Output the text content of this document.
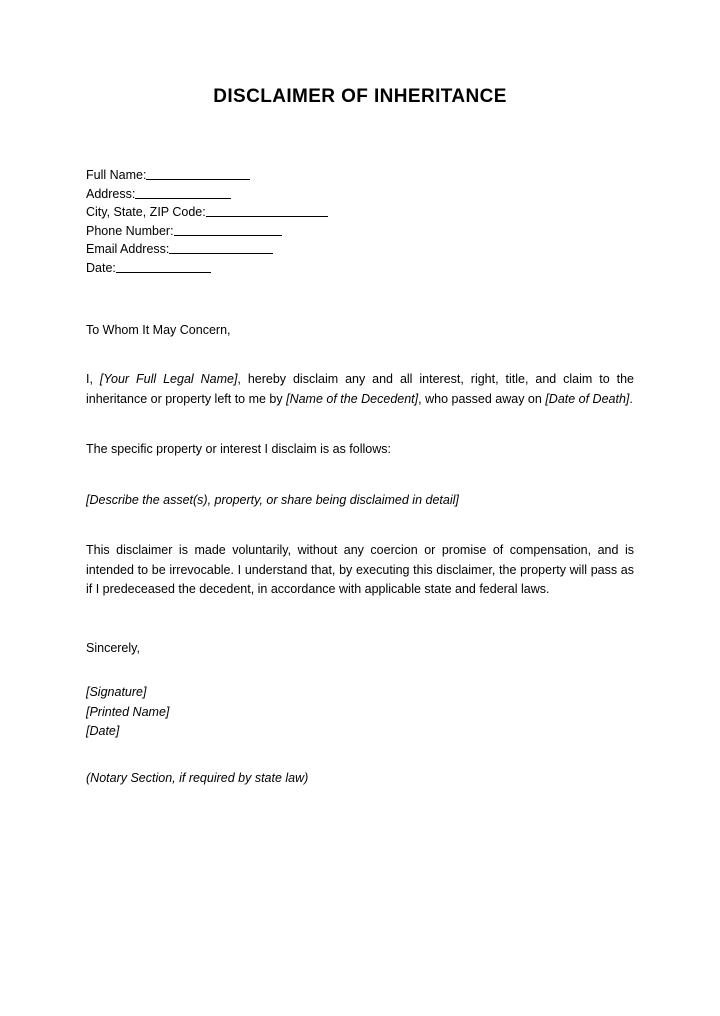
DISCLAIMER OF INHERITANCE
Full Name:
Address:
City, State, ZIP Code:
Phone Number:
Email Address:
Date:
To Whom It May Concern,
I, [Your Full Legal Name], hereby disclaim any and all interest, right, title, and claim to the inheritance or property left to me by [Name of the Decedent], who passed away on [Date of Death].
The specific property or interest I disclaim is as follows:
[Describe the asset(s), property, or share being disclaimed in detail]
This disclaimer is made voluntarily, without any coercion or promise of compensation, and is intended to be irrevocable. I understand that, by executing this disclaimer, the property will pass as if I predeceased the decedent, in accordance with applicable state and federal laws.
Sincerely,
[Signature]
[Printed Name]
[Date]
(Notary Section, if required by state law)
